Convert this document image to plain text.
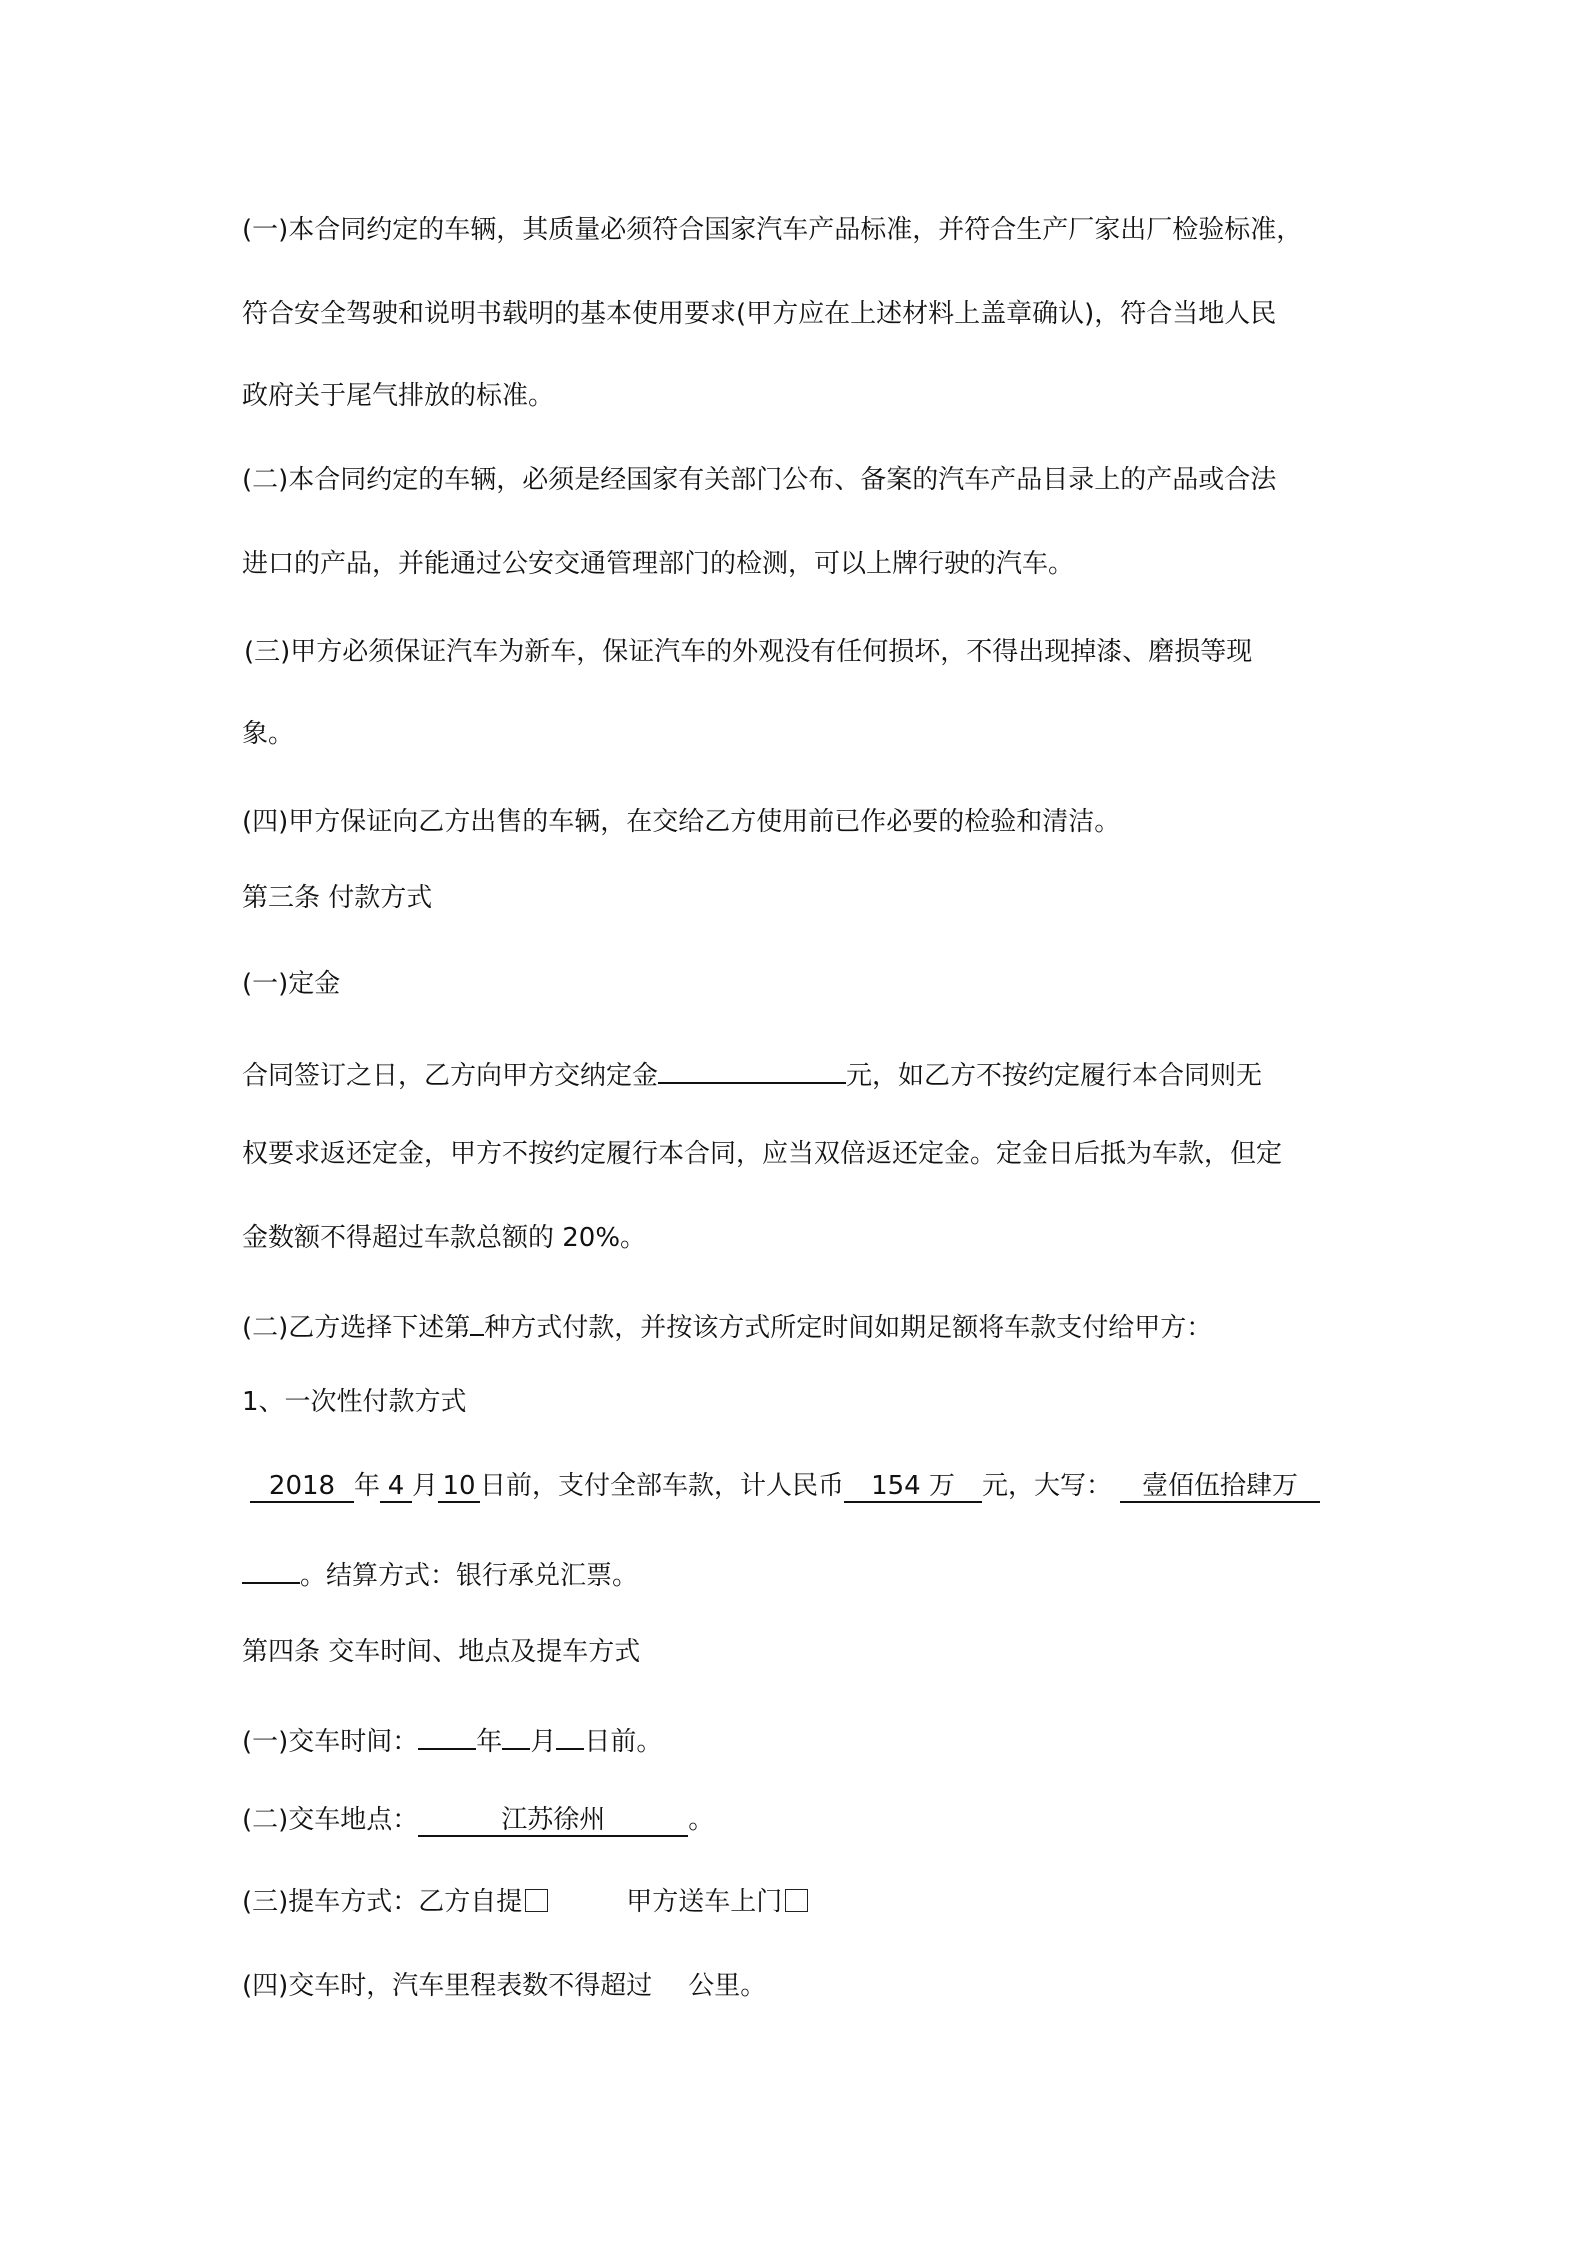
(一)本合同约定的车辆，其质量必须符合国家汽车产品标准，并符合生产厂家出厂检验标准，
符合安全驾驶和说明书载明的基本使用要求(甲方应在上述材料上盖章确认)，符合当地人民
政府关于尾气排放的标准。
(二)本合同约定的车辆，必须是经国家有关部门公布、备案的汽车产品目录上的产品或合法
进口的产品，并能通过公安交通管理部门的检测，可以上牌行驶的汽车。
(三)甲方必须保证汽车为新车，保证汽车的外观没有任何损坏，不得出现掉漆、磨损等现
象。
(四)甲方保证向乙方出售的车辆，在交给乙方使用前已作必要的检验和清洁。
第三条 付款方式
(一)定金
合同签订之日，乙方向甲方交纳定金	元，如乙方不按约定履行本合同则无
权要求返还定金，甲方不按约定履行本合同，应当双倍返还定金。定金日后抵为车款，但定
金数额不得超过车款总额的 20%。
(二)乙方选择下述第 种方式付款，并按该方式所定时间如期足额将车款支付给甲方：
1、一次性付款方式
2018 年 4 月 10 日前，支付全部车款，计人民币 154 万 元，大写： 壹佰伍拾肆万
。结算方式：银行承兑汇票。
第四条 交车时间、地点及提车方式
(一)交车时间： 年 月 日前。
(二)交车地点：	江苏徐州	。
(三)提车方式：乙方自提	甲方送车上门
(四)交车时，汽车里程表数不得超过 公里。
